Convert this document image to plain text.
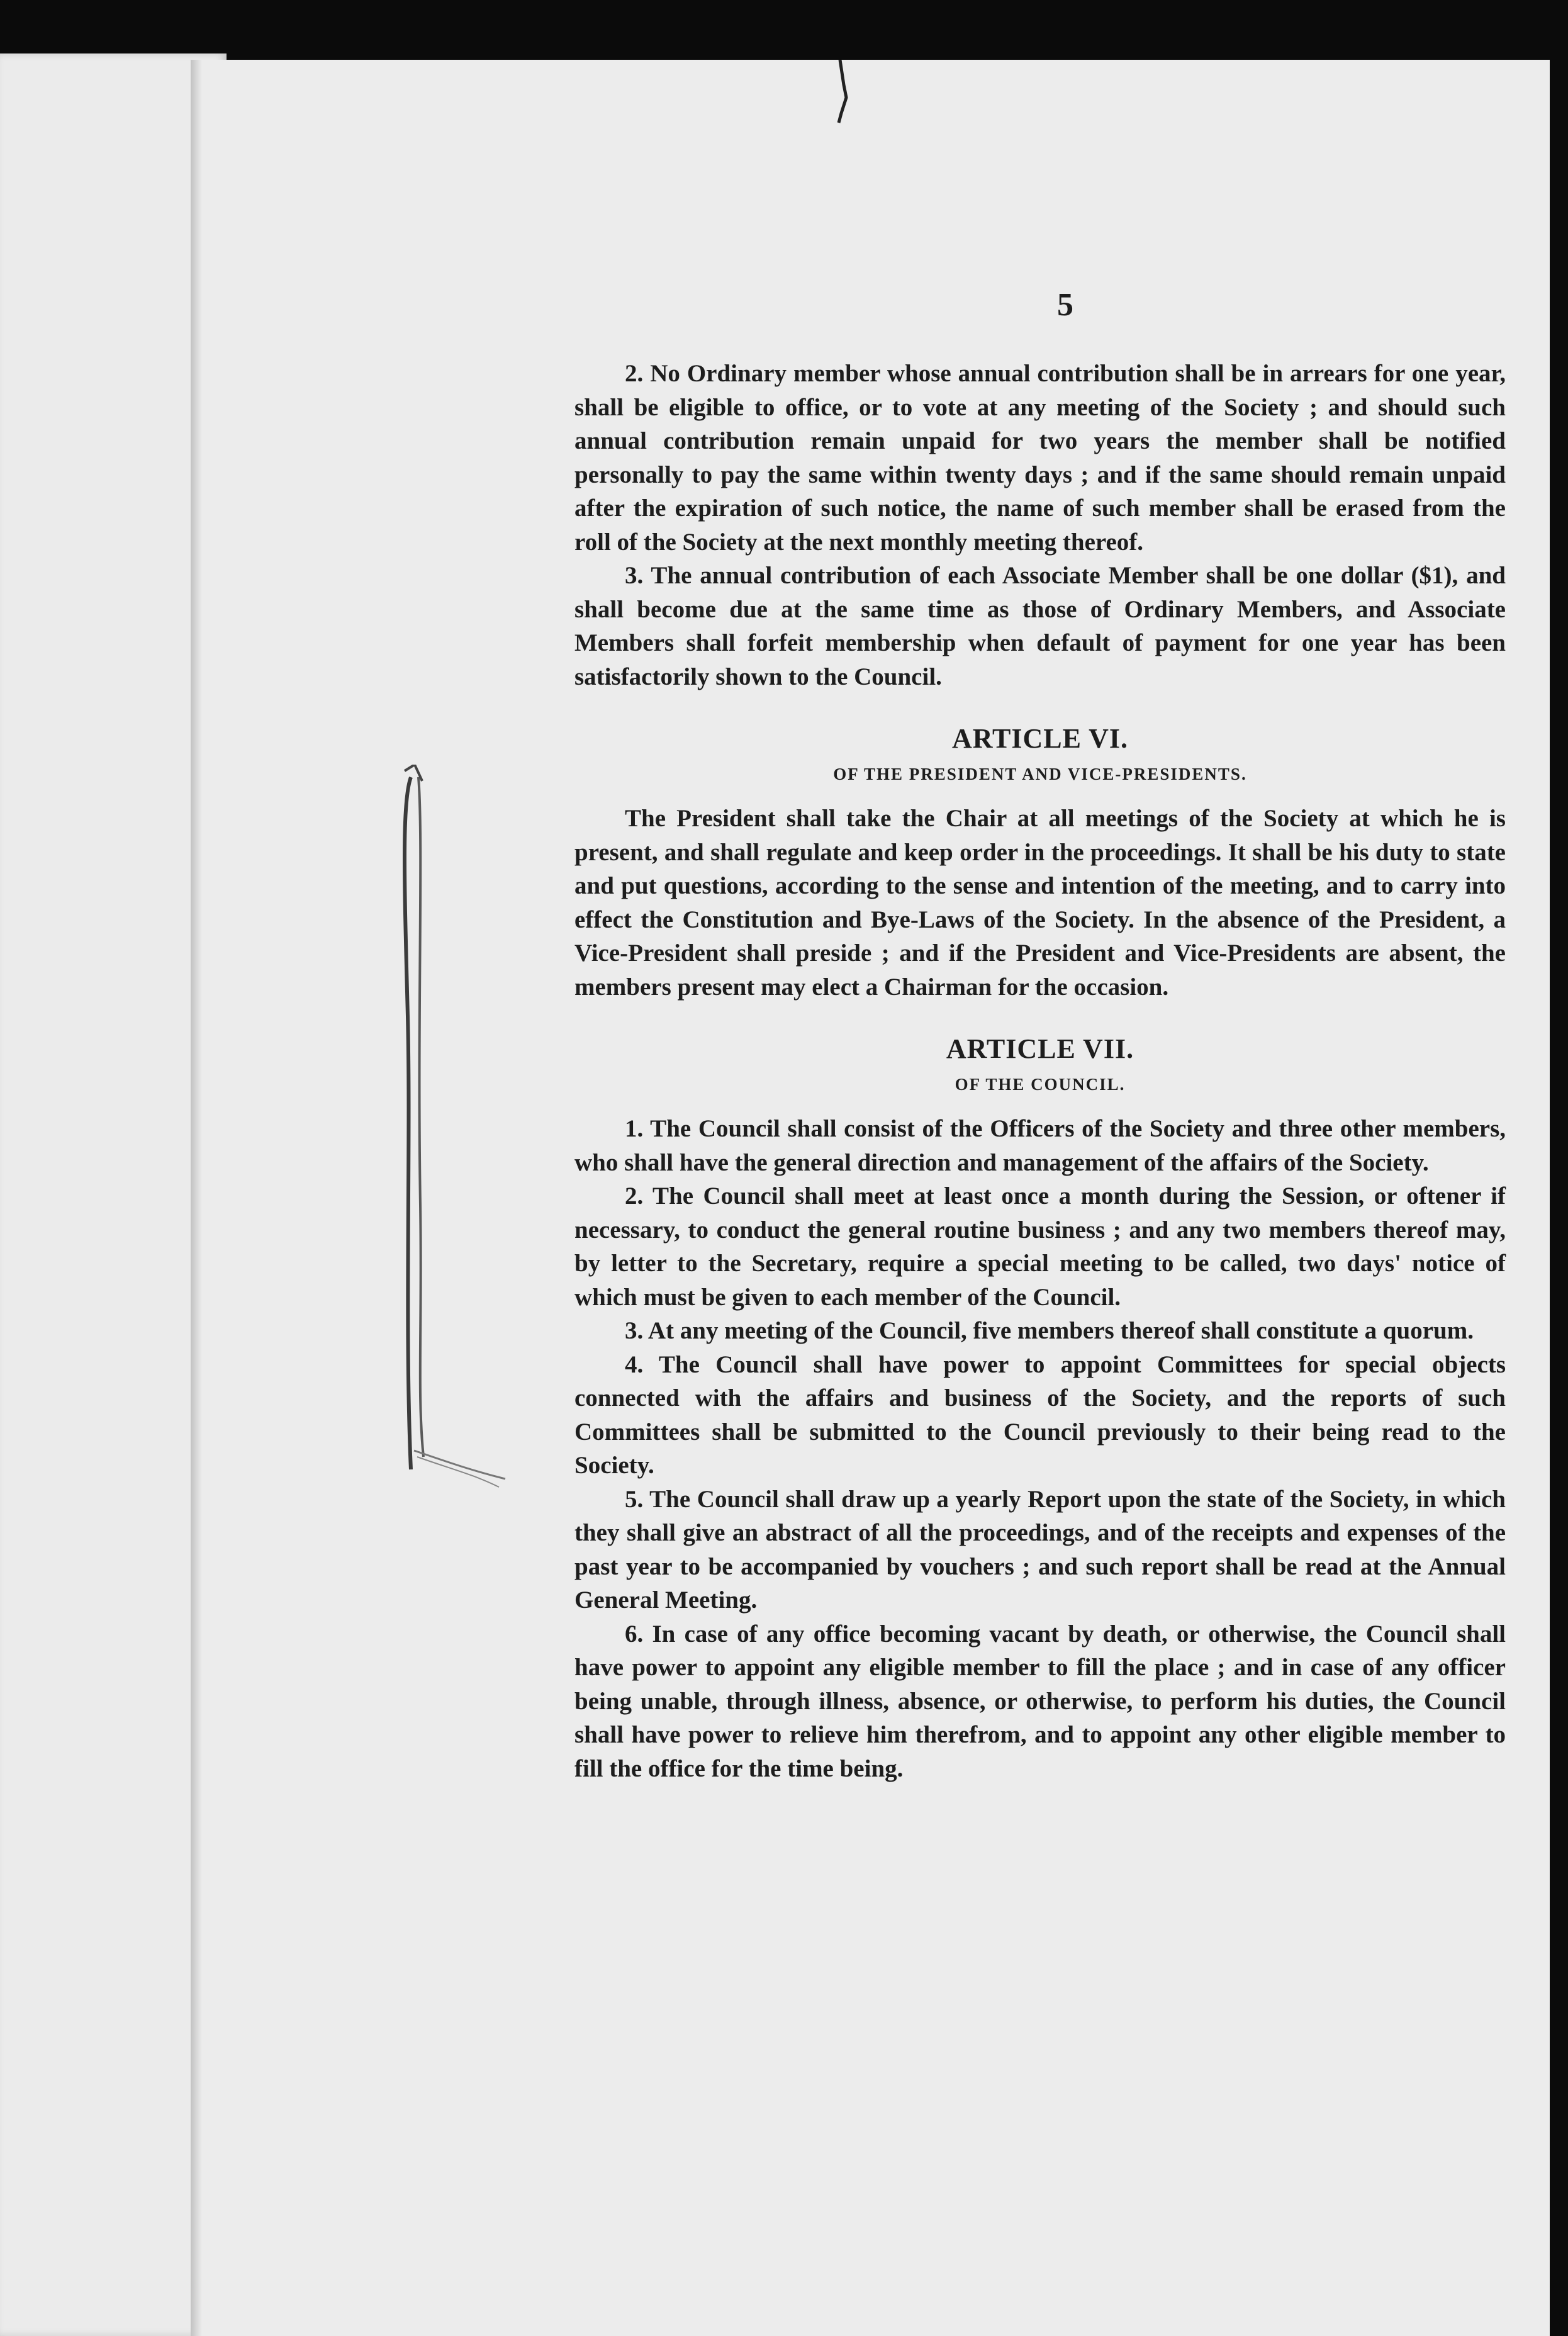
5

2. No Ordinary member whose annual contribution shall be in arrears for one year, shall be eligible to office, or to vote at any meeting of the Society ; and should such annual contribution remain unpaid for two years the member shall be notified personally to pay the same within twenty days ; and if the same should remain unpaid after the expiration of such notice, the name of such member shall be erased from the roll of the Society at the next monthly meeting thereof.

3. The annual contribution of each Associate Member shall be one dollar ($1), and shall become due at the same time as those of Ordinary Members, and Associate Members shall forfeit membership when default of payment for one year has been satisfactorily shown to the Council.

ARTICLE VI.
OF THE PRESIDENT AND VICE-PRESIDENTS.

The President shall take the Chair at all meetings of the Society at which he is present, and shall regulate and keep order in the proceedings. It shall be his duty to state and put questions, according to the sense and intention of the meeting, and to carry into effect the Constitution and Bye-Laws of the Society. In the absence of the President, a Vice-President shall preside ; and if the President and Vice-Presidents are absent, the members present may elect a Chairman for the occasion.

ARTICLE VII.
OF THE COUNCIL.

1. The Council shall consist of the Officers of the Society and three other members, who shall have the general direction and management of the affairs of the Society.

2. The Council shall meet at least once a month during the Session, or oftener if necessary, to conduct the general routine business ; and any two members thereof may, by letter to the Secretary, require a special meeting to be called, two days' notice of which must be given to each member of the Council.

3. At any meeting of the Council, five members thereof shall constitute a quorum.

4. The Council shall have power to appoint Committees for special objects connected with the affairs and business of the Society, and the reports of such Committees shall be submitted to the Council previously to their being read to the Society.

5. The Council shall draw up a yearly Report upon the state of the Society, in which they shall give an abstract of all the proceedings, and of the receipts and expenses of the past year to be accompanied by vouchers ; and such report shall be read at the Annual General Meeting.

6. In case of any office becoming vacant by death, or otherwise, the Council shall have power to appoint any eligible member to fill the place ; and in case of any officer being unable, through illness, absence, or otherwise, to perform his duties, the Council shall have power to relieve him therefrom, and to appoint any other eligible member to fill the office for the time being.
